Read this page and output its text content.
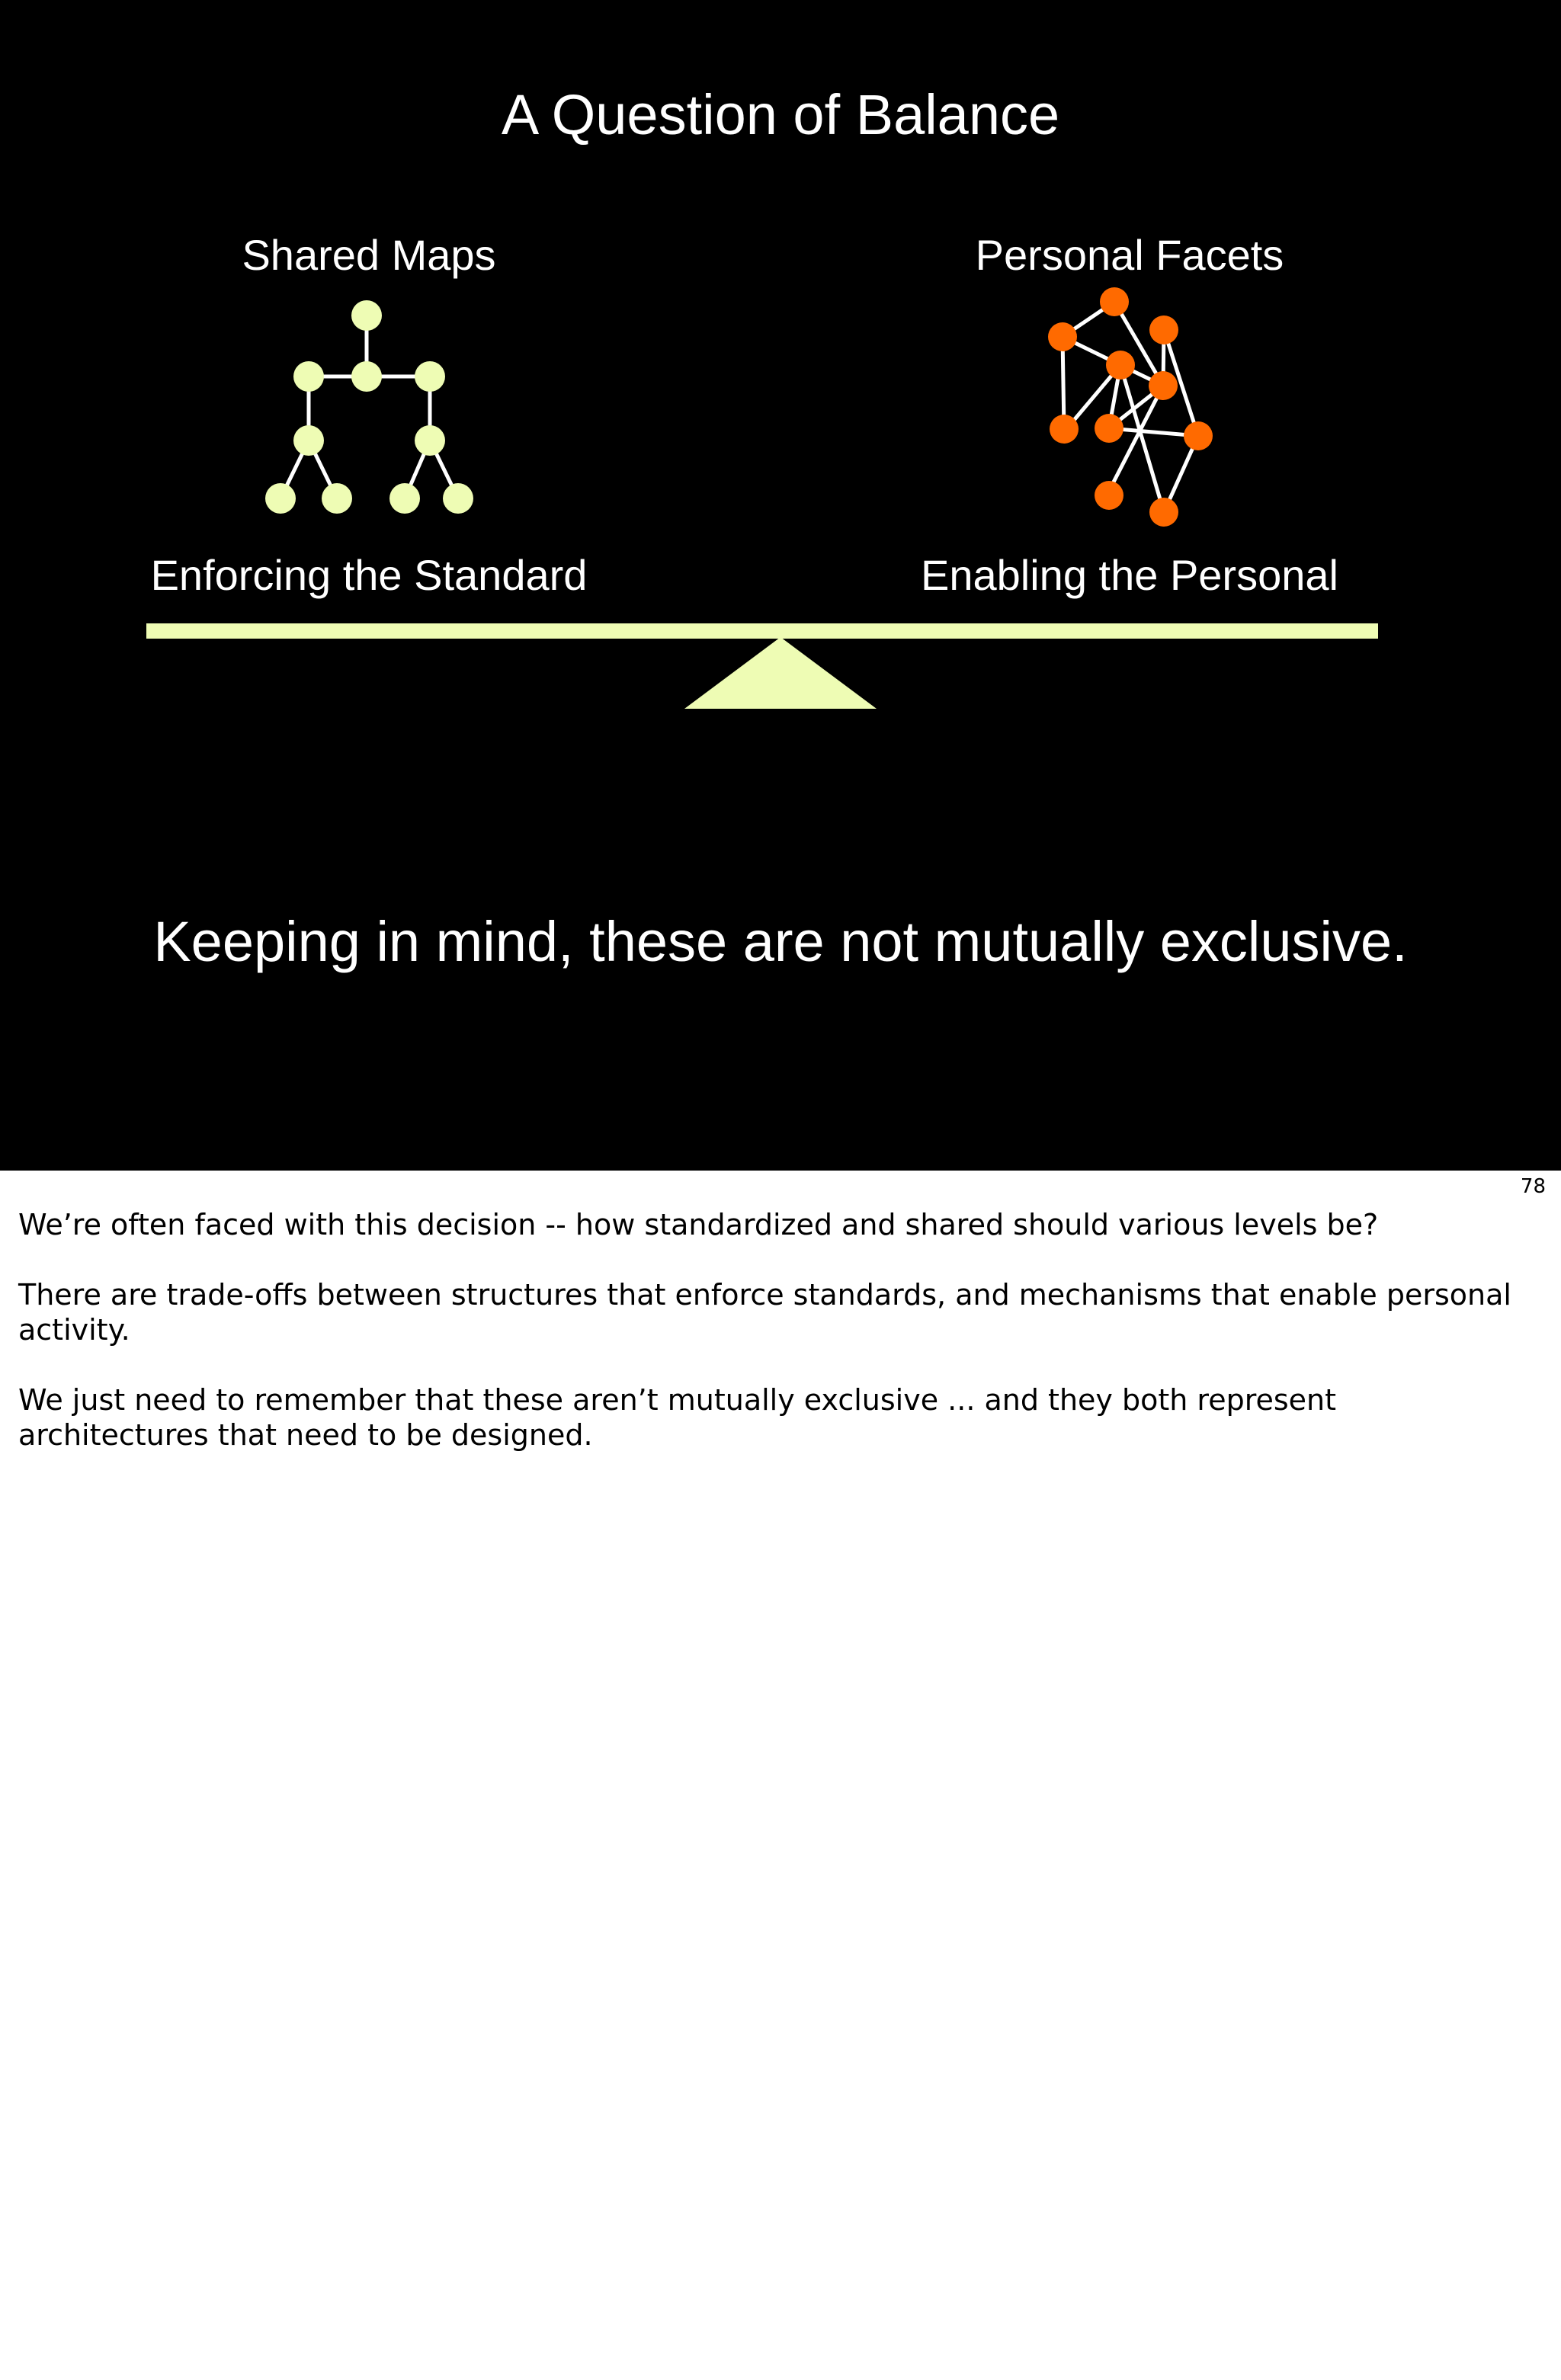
A Question of Balance
Shared Maps	Personal Facets
Enforcing the Standard	Enabling the Personal
Keeping in mind, these are not mutually exclusive.
78

We’re often faced with this decision -- how standardized and shared should various levels be?

There are trade-offs between structures that enforce standards, and mechanisms that enable personal activity.

We just need to remember that these aren’t mutually exclusive ... and they both represent architectures that need to be designed.
